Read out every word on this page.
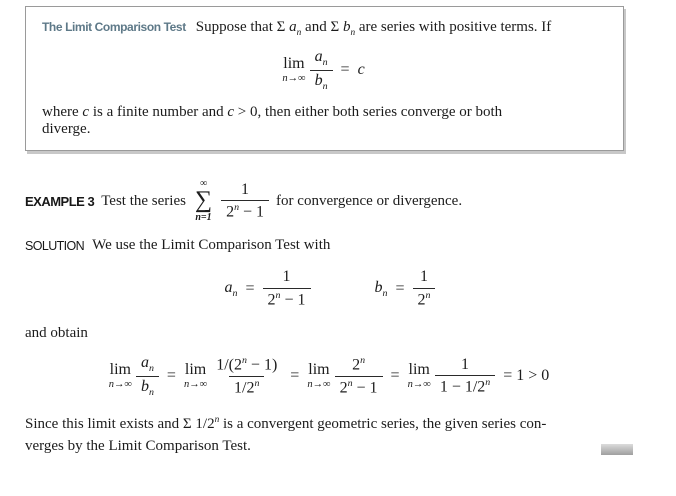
The Limit Comparison Test Suppose that Σ $a_n$ and Σ $b_n$ are series with positive terms. If

lim
$n\to\infty \frac{a_n}{b_n} = c$

where c is a finite number and c > 0, then either both series converge or both

diverge.

EXAMPLE 3 Test the series
∞
∑
$n=1 \frac{1}{2^n - 1}$ for convergence or divergence.
SOLUTION We use the Limit Comparison Test with
$a_n = \frac{1}{2^n - 1}$	$b_n = \frac{1}{2^n}$

and obtain

lim
$n\to\infty \frac{a_n}{b_n} = \lim$
$n\to\infty \frac{1/(2^n - 1)}{1/2^n} = \lim$
$n\to\infty \frac{2^n}{2^n - 1} = \lim$
$n\to\infty \frac{1}{1 - 1/2^n} = 1 > 0$
Since this limit exists and Σ 1/2$^n$ is a convergent geometric series, the given series con-
verges by the Limit Comparison Test.
